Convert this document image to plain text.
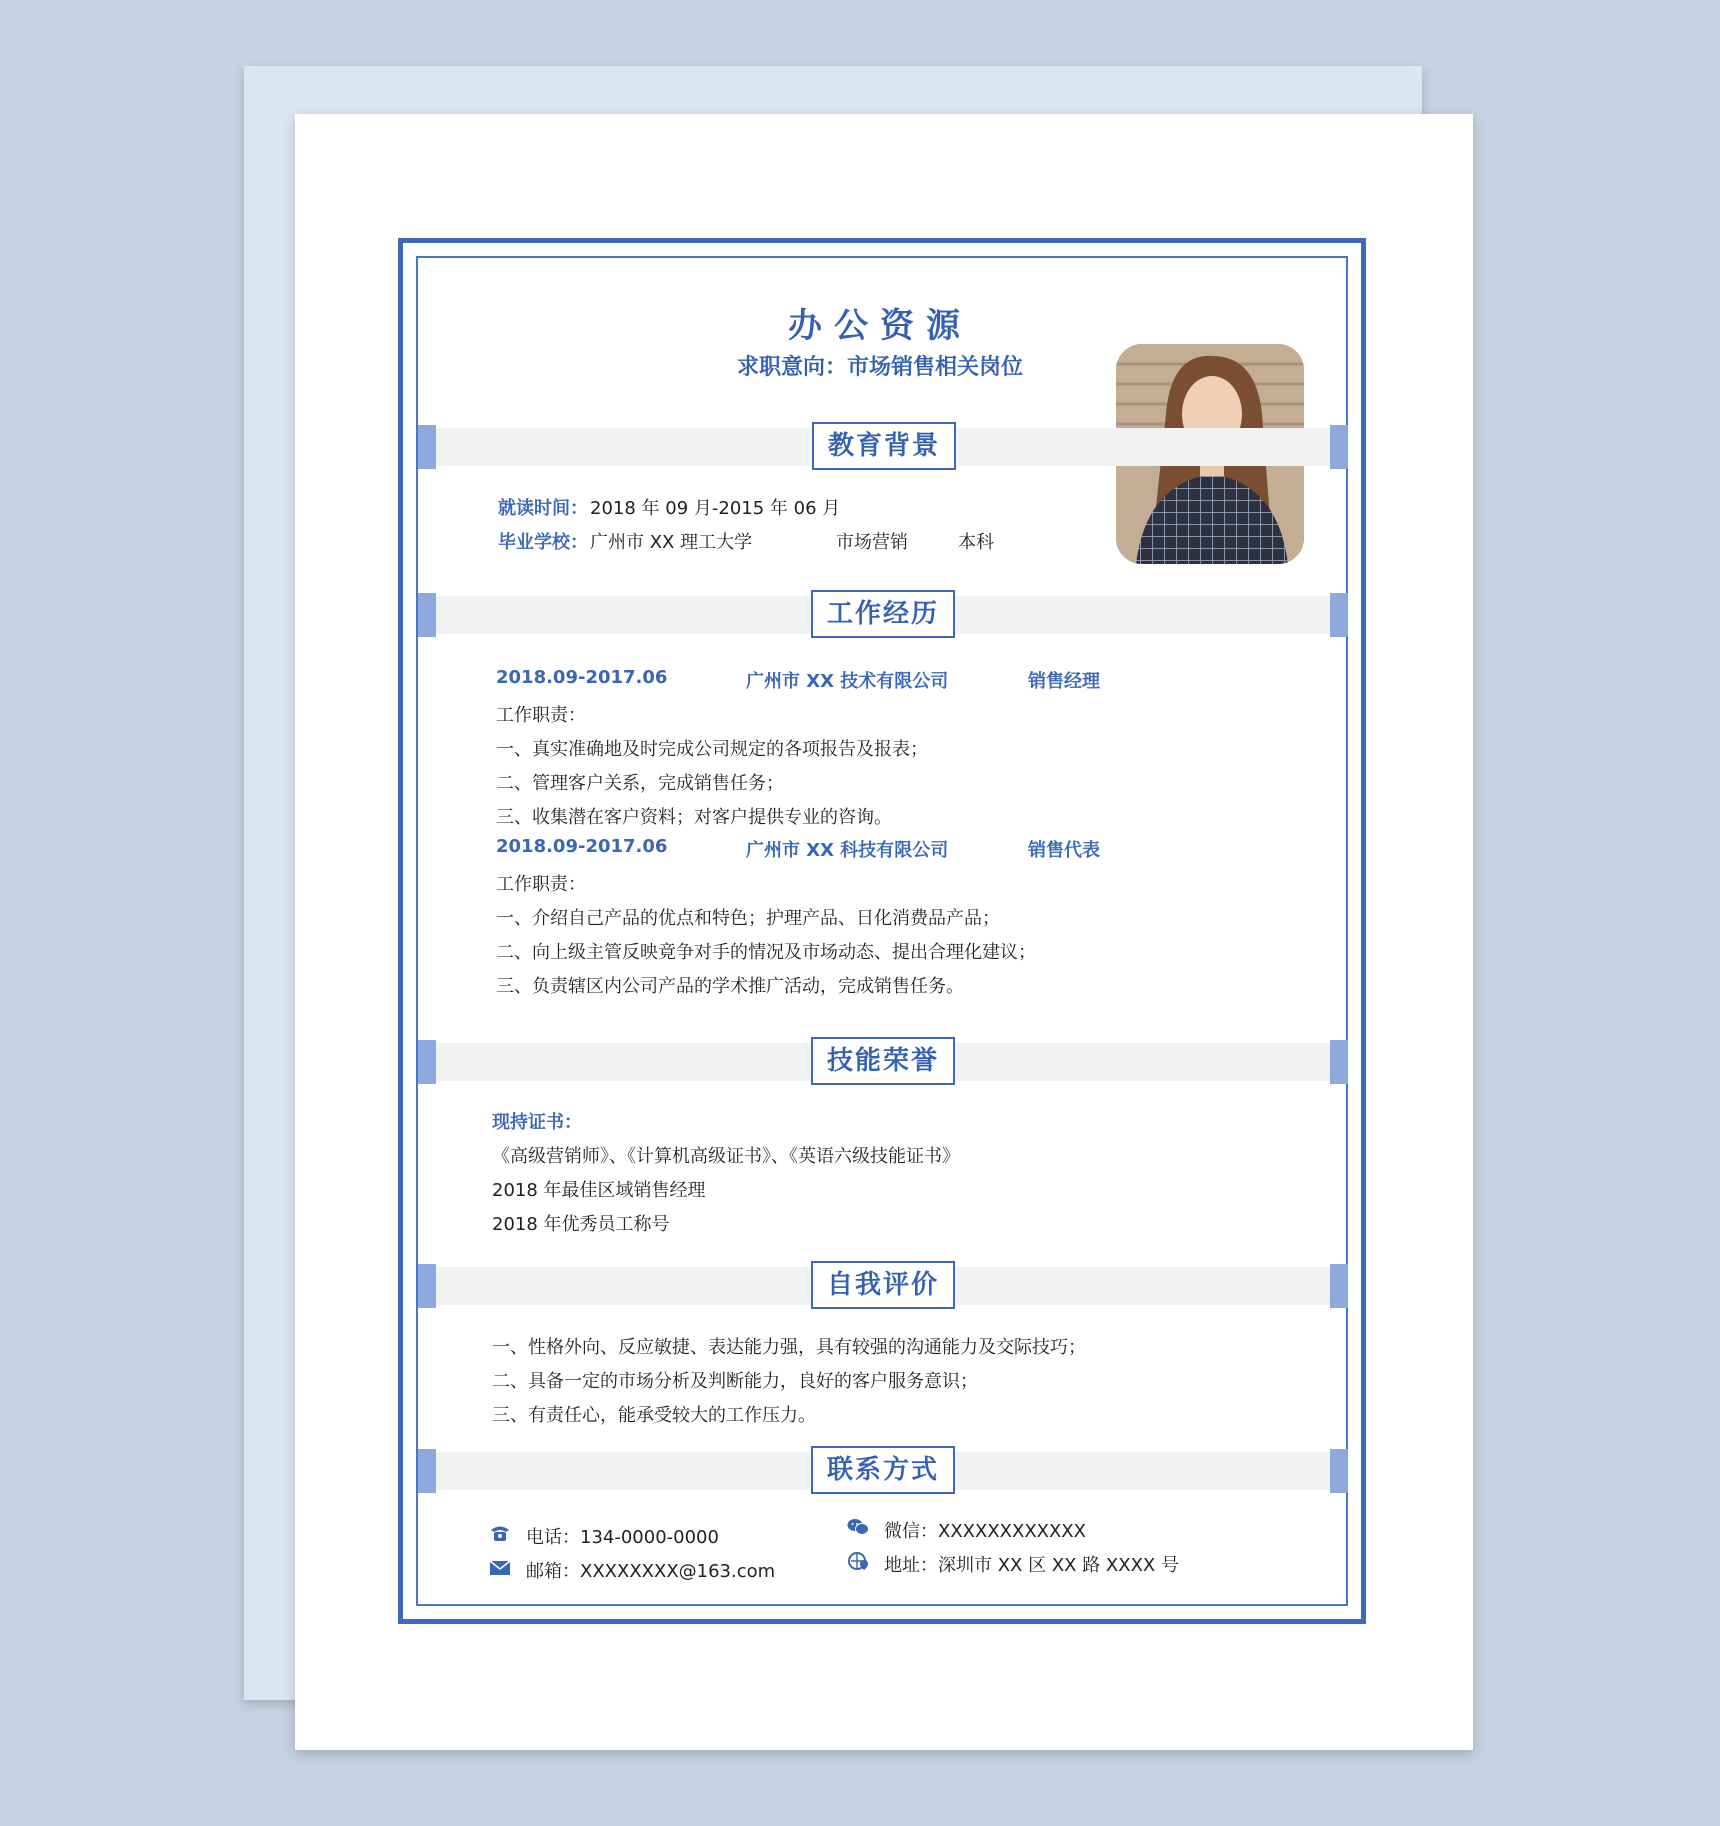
办公资源
求职意向：市场销售相关岗位
教育背景
就读时间： 2018 年 09 月-2015 年 06 月
毕业学校： 广州市 XX 理工大学	市场营销	本科
工作经历
2018.09-2017.06	广州市 XX 技术有限公司	销售经理
工作职责：
一、真实准确地及时完成公司规定的各项报告及报表；
二、管理客户关系，完成销售任务；
三、收集潜在客户资料；对客户提供专业的咨询。
2018.09-2017.06	广州市 XX 科技有限公司	销售代表
工作职责：
一、介绍自己产品的优点和特色；护理产品、日化消费品产品；
二、向上级主管反映竟争对手的情况及市场动态、提出合理化建议；
三、负责辖区内公司产品的学术推广活动，完成销售任务。
技能荣誉
现持证书：
《高级营销师》、《计算机高级证书》、《英语六级技能证书》
2018 年最佳区域销售经理
2018 年优秀员工称号
自我评价
一、性格外向、反应敏捷、表达能力强，具有较强的沟通能力及交际技巧；
二、具备一定的市场分析及判断能力，良好的客户服务意识；
三、有责任心，能承受较大的工作压力。
联系方式
电话：134-0000-0000
邮箱：XXXXXXXX@163.com
微信：XXXXXXXXXXXX
地址：深圳市 XX 区 XX 路 XXXX 号
